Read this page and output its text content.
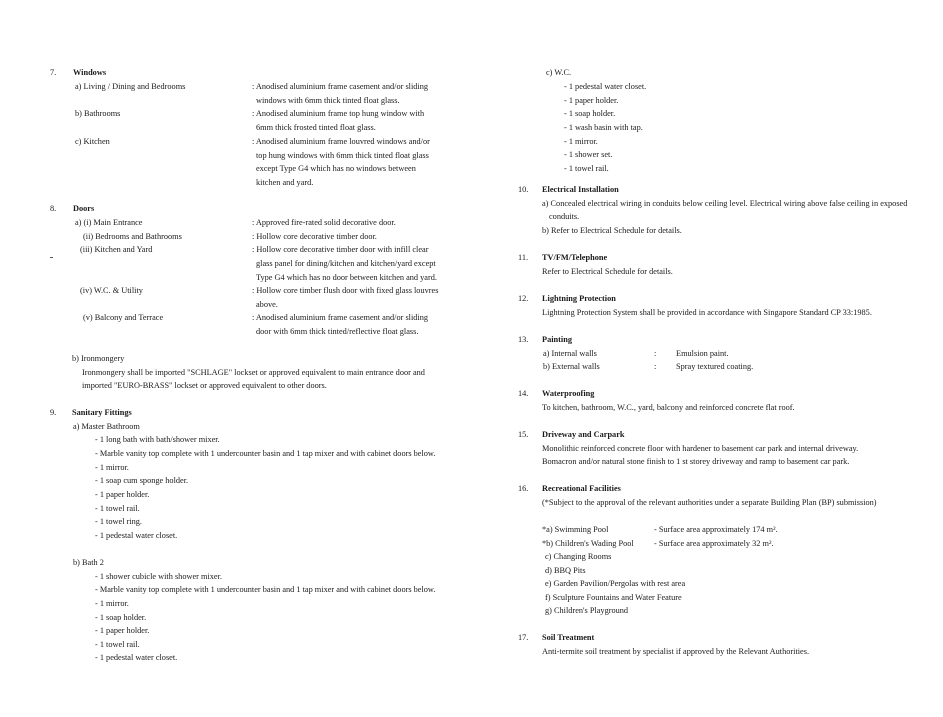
7. Windows
a) Living / Dining and Bedrooms	: Anodised aluminium frame casement and/or sliding
windows with 6mm thick tinted float glass.
b) Bathrooms	: Anodised aluminium frame top hung window with
6mm thick frosted tinted float glass.
c) Kitchen	: Anodised aluminium frame louvred windows and/or
top hung windows with 6mm thick tinted float glass
except Type G4 which has no windows between
kitchen and yard.
8. Doors
a) (i) Main Entrance	: Approved fire-rated solid decorative door.
(ii) Bedrooms and Bathrooms	: Hollow core decorative timber door.
(iii) Kitchen and Yard	: Hollow core decorative timber door with infill clear
glass panel for dining/kitchen and kitchen/yard except
Type G4 which has no door between kitchen and yard.
(iv) W.C. & Utility	: Hollow core timber flush door with fixed glass louvres
above.
(v) Balcony and Terrace	: Anodised aluminium frame casement and/or sliding
door with 6mm thick tinted/reflective float glass.
b) Ironmongery
Ironmongery shall be imported "SCHLAGE" lockset or approved equivalent to main entrance door and
imported "EURO-BRASS" lockset or approved equivalent to other doors.
9. Sanitary Fittings
a) Master Bathroom
- 1 long bath with bath/shower mixer.
- Marble vanity top complete with 1 undercounter basin and 1 tap mixer and with cabinet doors below.
- 1 mirror.
- 1 soap cum sponge holder.
- 1 paper holder.
- 1 towel rail.
- 1 towel ring.
- 1 pedestal water closet.
b) Bath 2
- 1 shower cubicle with shower mixer.
- Marble vanity top complete with 1 undercounter basin and 1 tap mixer and with cabinet doors below.
- 1 mirror.
- 1 soap holder.
- 1 paper holder.
- 1 towel rail.
- 1 pedestal water closet.
c) W.C.
- 1 pedestal water closet.
- 1 paper holder.
- 1 soap holder.
- 1 wash basin with tap.
- 1 mirror.
- 1 shower set.
- 1 towel rail.
10. Electrical Installation
a) Concealed electrical wiring in conduits below ceiling level. Electrical wiring above false ceiling in exposed
conduits.
b) Refer to Electrical Schedule for details.
11. TV/FM/Telephone
Refer to Electrical Schedule for details.
12. Lightning Protection
Lightning Protection System shall be provided in accordance with Singapore Standard CP 33:1985.
13. Painting
a) Internal walls	: Emulsion paint.
b) External walls	: Spray textured coating.
14. Waterproofing
To kitchen, bathroom, W.C., yard, balcony and reinforced concrete flat roof.
15. Driveway and Carpark
Monolithic reinforced concrete floor with hardener to basement car park and internal driveway.
Bomacron and/or natural stone finish to 1 st storey driveway and ramp to basement car park.
16. Recreational Facilities
(*Subject to the approval of the relevant authorities under a separate Building Plan (BP) submission)
*a) Swimming Pool	- Surface area approximately 174 m².
*b) Children's Wading Pool - Surface area approximately 32 m².
c) Changing Rooms
d) BBQ Pits
e) Garden Pavilion/Pergolas with rest area
f) Sculpture Fountains and Water Feature
g) Children's Playground
17. Soil Treatment
Anti-termite soil treatment by specialist if approved by the Relevant Authorities.
